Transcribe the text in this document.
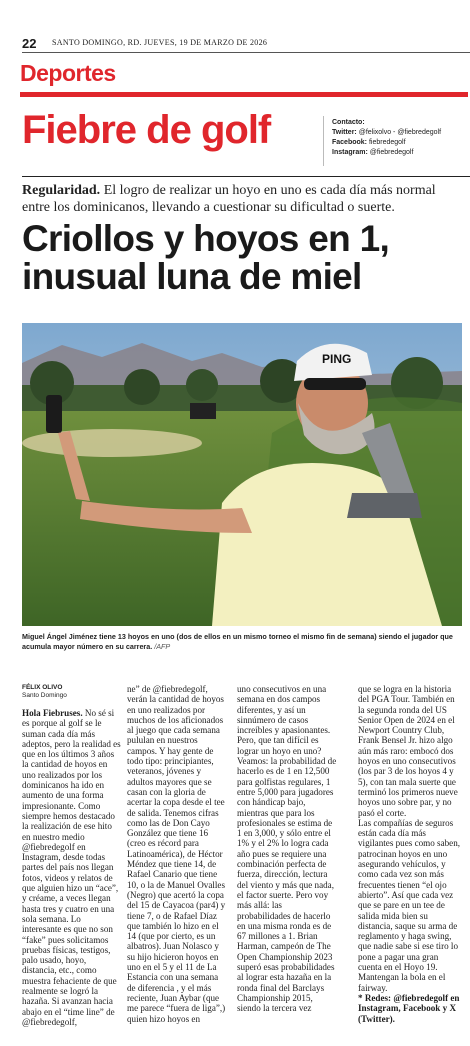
22 SANTO DOMINGO, RD. JUEVES, 19 DE MARZO DE 2026
Deportes
Fiebre de golf	Contacto:
Twitter: @felixolvo - @fiebredegolf
Facebook: fiebredegolf
Instagram: @fiebredegolf
Regularidad. El logro de realizar un hoyo en uno es cada día más normal entre los dominicanos, llevando a cuestionar su dificultad o suerte.
Criollos y hoyos en 1, inusual luna de miel
PING
Miguel Ángel Jiménez tiene 13 hoyos en uno (dos de ellos en un mismo torneo el mismo fin de semana) siendo el jugador que acumula mayor número en su carrera. /AFP
FÉLIX OLIVO
Santo Domingo

Hola Fiebruses. No sé si es porque al golf se le suman cada día más adeptos, pero la realidad es que en los últimos 3 años la cantidad de hoyos en uno realizados por los dominicanos ha ido en aumento de una forma impresionante. Como siempre hemos destacado la realización de ese hito en nuestro medio @fiebredegolf en Instagram, desde todas partes del país nos llegan fotos, videos y relatos de que alguien hizo un “ace”, y créame, a veces llegan hasta tres y cuatro en una sola semana. Lo interesante es que no son “fake” pues solicitamos pruebas físicas, testigos, palo usado, hoyo, distancia, etc., como muestra fehaciente de que realmente se logró la hazaña. Si avanzan hacia abajo en el “time line” de @fiebredegolf,

ne” de @fiebredegolf, verán la cantidad de hoyos en uno realizados por muchos de los aficionados al juego que cada semana pululan en nuestros campos. Y hay gente de todo tipo: principiantes, veteranos, jóvenes y adultos mayores que se casan con la gloria de acertar la copa desde el tee de salida. Tenemos cifras como las de Don Cayo González que tiene 16 (creo es récord para Latinoamérica), de Héctor Méndez que tiene 14, de Rafael Canario que tiene 10, o la de Manuel Ovalles (Negro) que acertó la copa del 15 de Cayacoa (par4) y tiene 7, o de Rafael Díaz que también lo hizo en el 14 (que por cierto, es un albatros). Juan Nolasco y su hijo hicieron hoyos en uno en el 5 y el 11 de La Estancia con una semana de diferencia , y el más reciente, Juan Aybar (que me parece “fuera de liga”,) quien hizo hoyos en

uno consecutivos en una semana en dos campos diferentes, y así un sinnúmero de casos increíbles y apasionantes.

Pero, que tan difícil es lograr un hoyo en uno? Veamos: la probabilidad de hacerlo es de 1 en 12,500 para golfistas regulares, 1 entre 5,000 para jugadores con hándicap bajo, mientras que para los profesionales se estima de 1 en 3,000, y sólo entre el 1% y el 2% lo logra cada año pues se requiere una combinación perfecta de fuerza, dirección, lectura del viento y más que nada, el factor suerte. Pero voy más allá: las probabilidades de hacerlo en una misma ronda es de 67 millones a 1. Brian Harman, campeón de The Open Championship 2023 superó esas probabilidades al lograr esta hazaña en la ronda final del Barclays Championship 2015, siendo la tercera vez

que se logra en la historia del PGA Tour. También en la segunda ronda del US Senior Open de 2024 en el Newport Country Club, Frank Bensel Jr. hizo algo aún más raro: embocó dos hoyos en uno consecutivos (los par 3 de los hoyos 4 y 5), con tan mala suerte que terminó los primeros nueve hoyos uno sobre par, y no pasó el corte.

Las compañías de seguros están cada día más vigilantes pues como saben, patrocinan hoyos en uno asegurando vehículos, y como cada vez son más frecuentes tienen “el ojo abierto”. Así que cada vez que se pare en un tee de salida mida bien su distancia, saque su arma de reglamento y haga swing, que nadie sabe si ese tiro lo pone a pagar una gran cuenta en el Hoyo 19. Mantengan la bola en el fairway.

* Redes: @fiebredegolf en Instagram, Facebook y X (Twitter).
